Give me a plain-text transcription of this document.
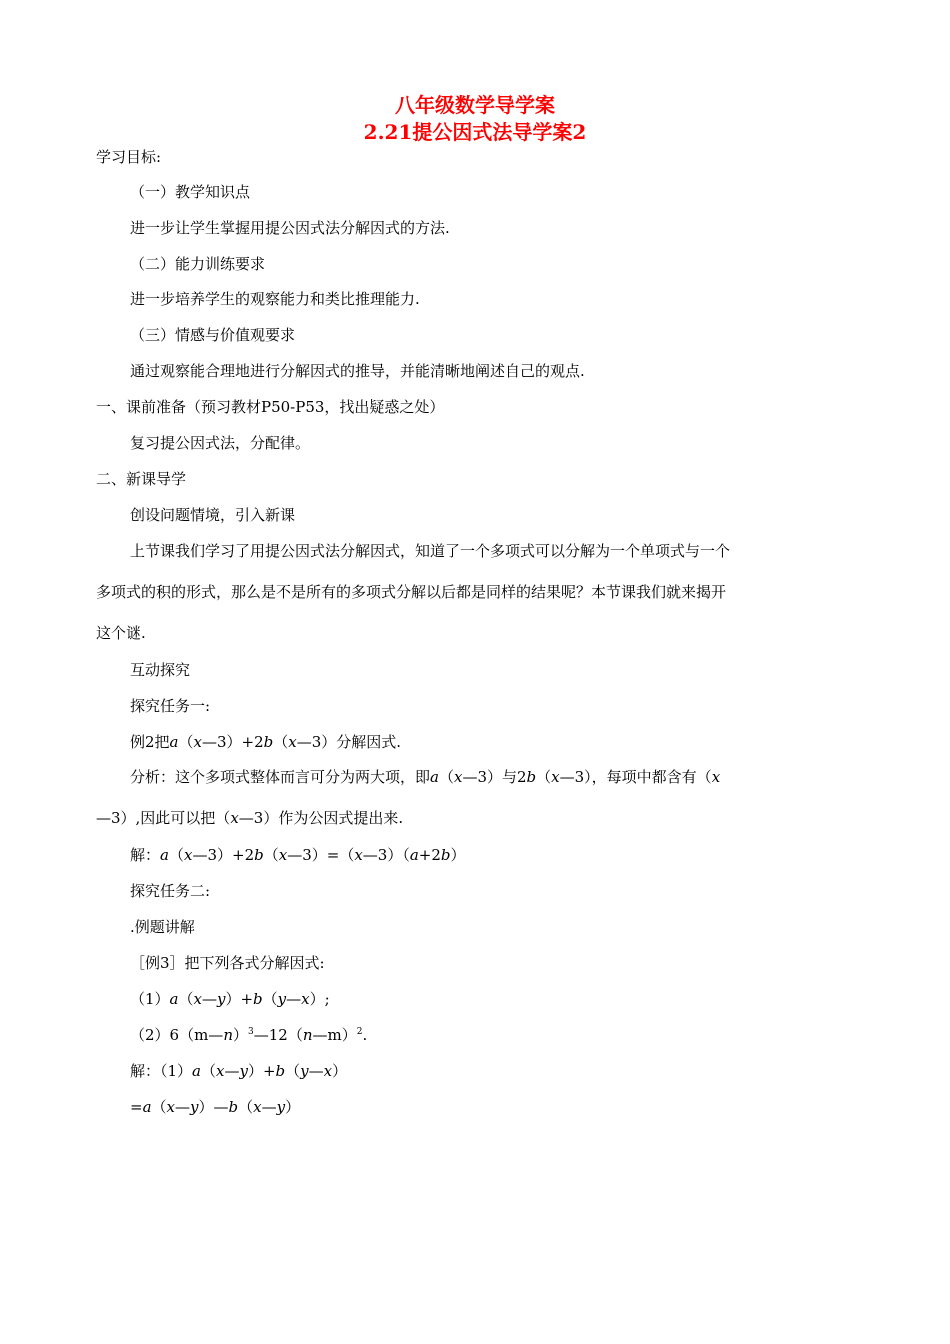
八年级数学导学案
2.21提公因式法导学案2
学习目标:
（一）教学知识点
进一步让学生掌握用提公因式法分解因式的方法.
（二）能力训练要求
进一步培养学生的观察能力和类比推理能力.
（三）情感与价值观要求
通过观察能合理地进行分解因式的推导，并能清晰地阐述自己的观点.
一、课前准备（预习教材P50-P53，找出疑惑之处）
复习提公因式法，分配律。
二、新课导学
创设问题情境，引入新课
上节课我们学习了用提公因式法分解因式，知道了一个多项式可以分解为一个单项式与一个
多项式的积的形式，那么是不是所有的多项式分解以后都是同样的结果呢？本节课我们就来揭开
这个谜.
互动探究
探究任务一:
例2把a（x—3）+2b（x—3）分解因式.
分析：这个多项式整体而言可分为两大项，即a（x—3）与2b（x—3），每项中都含有（x
—3）,因此可以把（x—3）作为公因式提出来.
解：a（x—3）+2b（x—3）=（x—3）（a+2b）
探究任务二:
.例题讲解
［例3］把下列各式分解因式:
（1）a（x—y）+b（y—x）;
（2）6（m—n）$^3$—12（n—m）$^2$.
解：（1）a（x—y）+b（y—x）
=a（x—y）—b（x—y）
